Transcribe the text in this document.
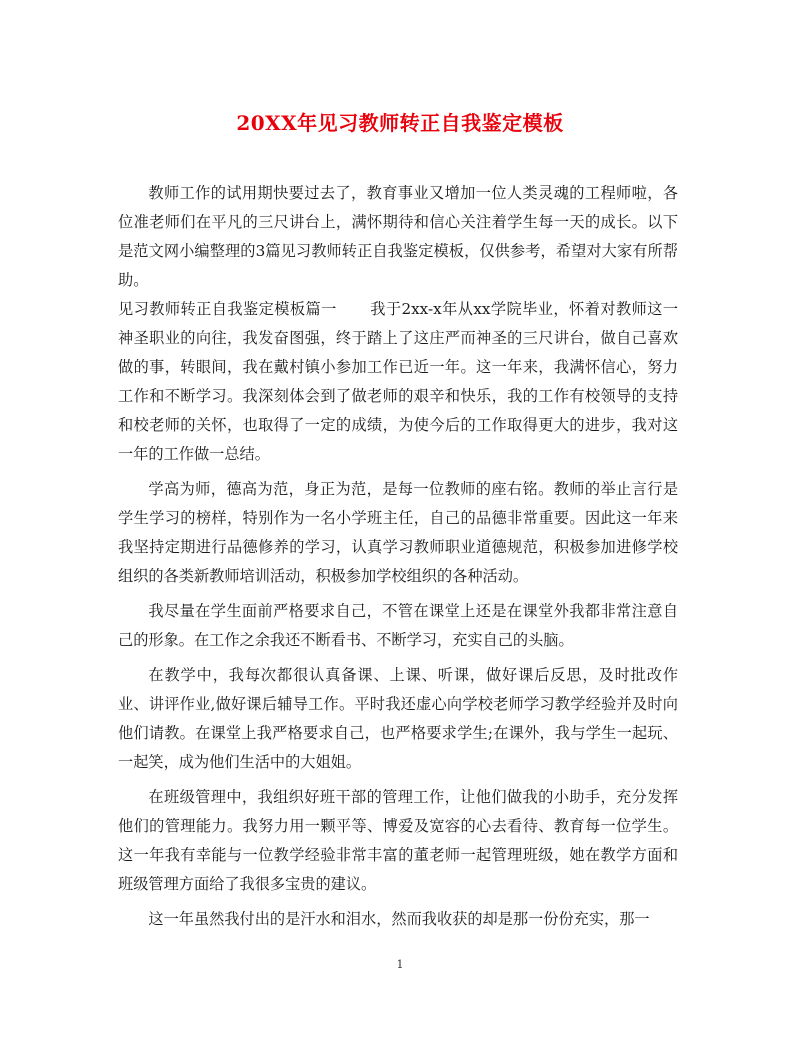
20XX年见习教师转正自我鉴定模板

教师工作的试用期快要过去了，教育事业又增加一位人类灵魂的工程师啦，各位准老师们在平凡的三尺讲台上，满怀期待和信心关注着学生每一天的成长。以下是范文网小编整理的3篇见习教师转正自我鉴定模板，仅供参考，希望对大家有所帮助。

见习教师转正自我鉴定模板篇一 我于2xx-x年从xx学院毕业，怀着对教师这一神圣职业的向往，我发奋图强，终于踏上了这庄严而神圣的三尺讲台，做自己喜欢做的事，转眼间，我在戴村镇小参加工作已近一年。这一年来，我满怀信心，努力工作和不断学习。我深刻体会到了做老师的艰辛和快乐，我的工作有校领导的支持和校老师的关怀，也取得了一定的成绩，为使今后的工作取得更大的进步，我对这一年的工作做一总结。

学高为师，德高为范，身正为范，是每一位教师的座右铭。教师的举止言行是学生学习的榜样，特别作为一名小学班主任，自己的品德非常重要。因此这一年来我坚持定期进行品德修养的学习，认真学习教师职业道德规范，积极参加进修学校组织的各类新教师培训活动，积极参加学校组织的各种活动。

我尽量在学生面前严格要求自己，不管在课堂上还是在课堂外我都非常注意自己的形象。在工作之余我还不断看书、不断学习，充实自己的头脑。

在教学中，我每次都很认真备课、上课、听课，做好课后反思，及时批改作业、讲评作业,做好课后辅导工作。平时我还虚心向学校老师学习教学经验并及时向他们请教。在课堂上我严格要求自己，也严格要求学生;在课外，我与学生一起玩、一起笑，成为他们生活中的大姐姐。

在班级管理中，我组织好班干部的管理工作，让他们做我的小助手，充分发挥他们的管理能力。我努力用一颗平等、博爱及宽容的心去看待、教育每一位学生。这一年我有幸能与一位教学经验非常丰富的董老师一起管理班级，她在教学方面和班级管理方面给了我很多宝贵的建议。

这一年虽然我付出的是汗水和泪水，然而我收获的却是那一份份充实，那一

1
